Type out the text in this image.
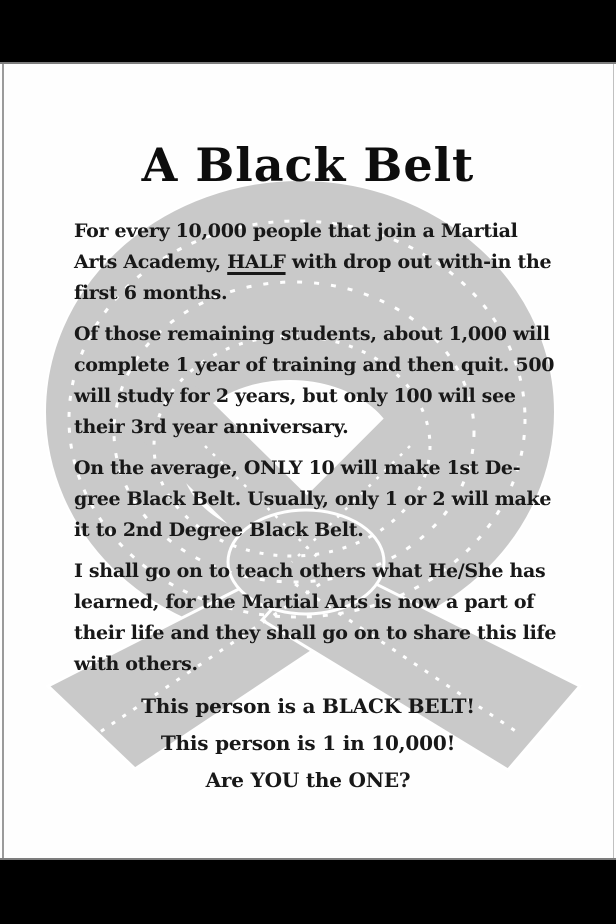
A Black Belt
For every 10,000 people that join a Martial
Arts Academy, HALF with drop out with-in the
first 6 months.
Of those remaining students, about 1,000 will
complete 1 year of training and then quit. 500
will study for 2 years, but only 100 will see
their 3rd year anniversary.
On the average, ONLY 10 will make 1st De-
gree Black Belt. Usually, only 1 or 2 will make
it to 2nd Degree Black Belt.
I shall go on to teach others what He/She has
learned, for the Martial Arts is now a part of
their life and they shall go on to share this life
with others.
This person is a BLACK BELT!
This person is 1 in 10,000!
Are YOU the ONE?
